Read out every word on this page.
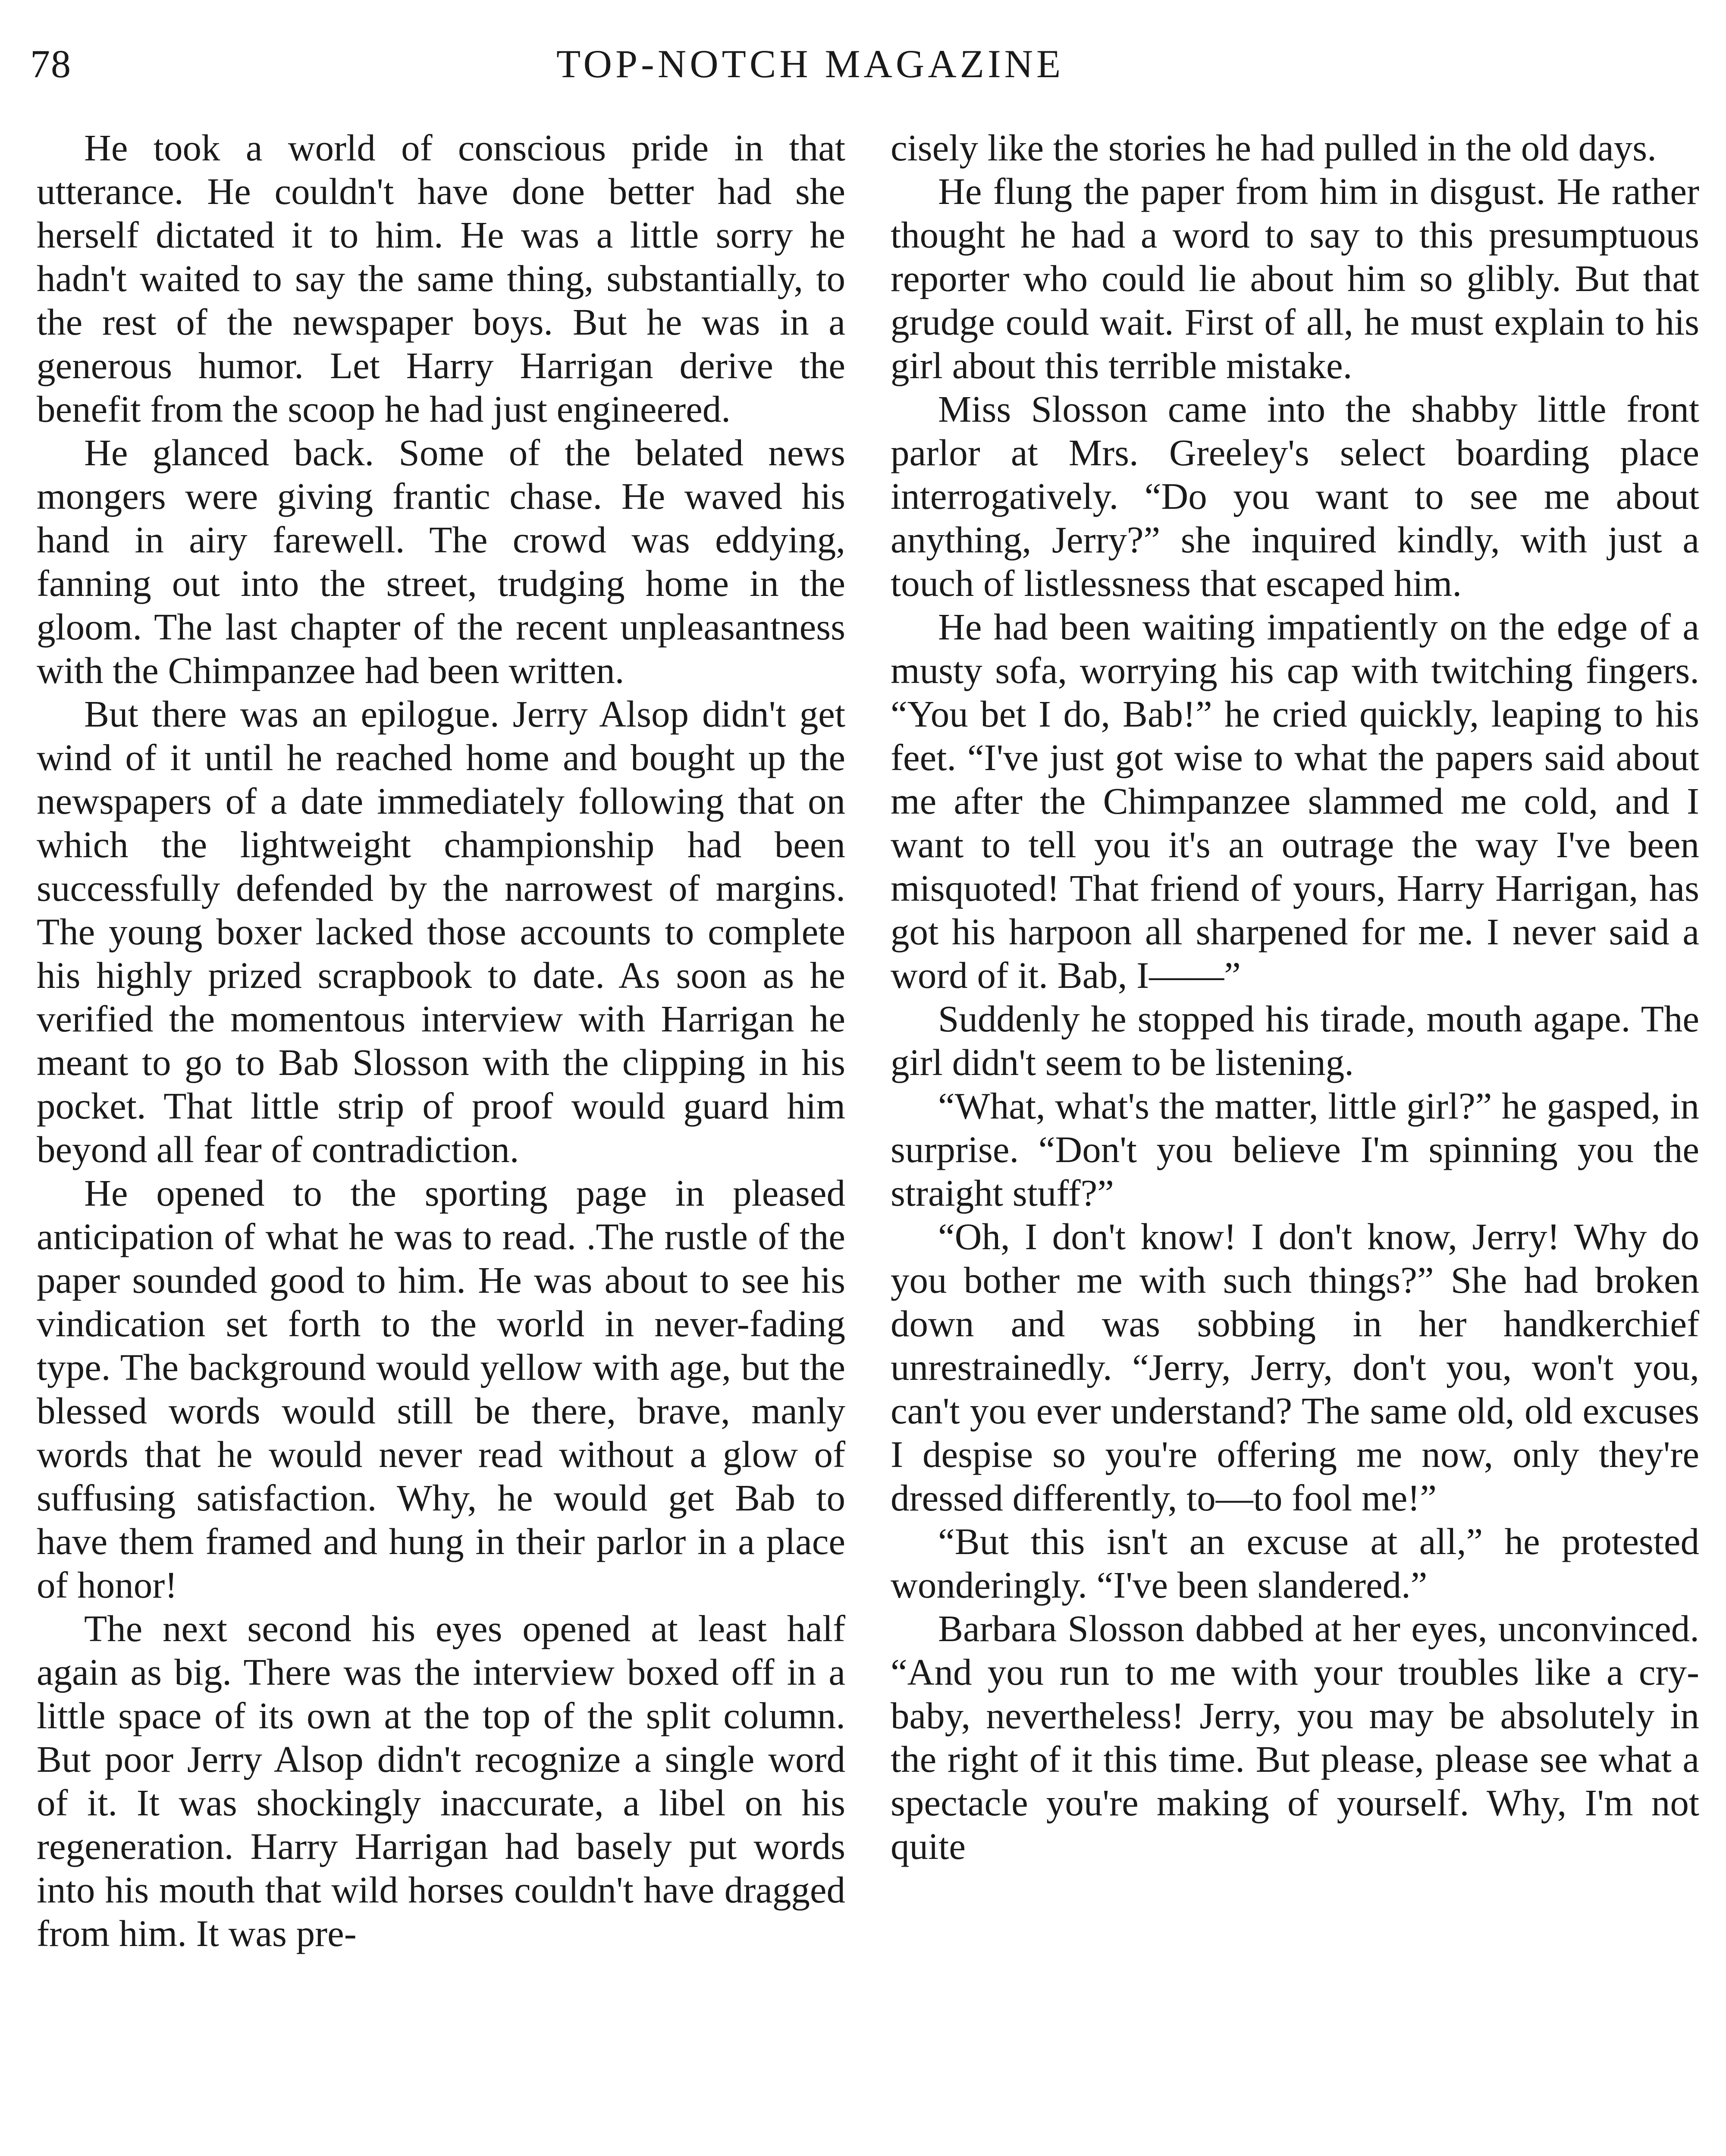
78	TOP-NOTCH MAGAZINE

He took a world of conscious pride in that utterance. He couldn't have done better had she herself dictated it to him. He was a little sorry he hadn't waited to say the same thing, substantially, to the rest of the newspaper boys. But he was in a generous humor. Let Harry Harrigan derive the benefit from the scoop he had just engineered.

He glanced back. Some of the belated news mongers were giving frantic chase. He waved his hand in airy farewell. The crowd was eddying, fanning out into the street, trudging home in the gloom. The last chapter of the recent unpleasantness with the Chimpanzee had been written.

But there was an epilogue. Jerry Alsop didn't get wind of it until he reached home and bought up the newspapers of a date immediately following that on which the lightweight championship had been successfully defended by the narrowest of margins. The young boxer lacked those accounts to complete his highly prized scrapbook to date. As soon as he verified the momentous interview with Harrigan he meant to go to Bab Slosson with the clipping in his pocket. That little strip of proof would guard him beyond all fear of contradiction.

He opened to the sporting page in pleased anticipation of what he was to read. .The rustle of the paper sounded good to him. He was about to see his vindication set forth to the world in never-fading type. The background would yellow with age, but the blessed words would still be there, brave, manly words that he would never read without a glow of suffusing satisfaction. Why, he would get Bab to have them framed and hung in their parlor in a place of honor!

The next second his eyes opened at least half again as big. There was the interview boxed off in a little space of its own at the top of the split column. But poor Jerry Alsop didn't recognize a single word of it. It was shockingly inaccurate, a libel on his regeneration. Harry Harrigan had basely put words into his mouth that wild horses couldn't have dragged from him. It was pre-

cisely like the stories he had pulled in the old days.

He flung the paper from him in disgust. He rather thought he had a word to say to this presumptuous reporter who could lie about him so glibly. But that grudge could wait. First of all, he must explain to his girl about this terrible mistake.

Miss Slosson came into the shabby little front parlor at Mrs. Greeley's select boarding place interrogatively. “Do you want to see me about anything, Jerry?” she inquired kindly, with just a touch of listlessness that escaped him.

He had been waiting impatiently on the edge of a musty sofa, worrying his cap with twitching fingers. “You bet I do, Bab!” he cried quickly, leaping to his feet. “I've just got wise to what the papers said about me after the Chimpanzee slammed me cold, and I want to tell you it's an outrage the way I've been misquoted! That friend of yours, Harry Harrigan, has got his harpoon all sharpened for me. I never said a word of it. Bab, I——”

Suddenly he stopped his tirade, mouth agape. The girl didn't seem to be listening.

“What, what's the matter, little girl?” he gasped, in surprise. “Don't you believe I'm spinning you the straight stuff?”

“Oh, I don't know! I don't know, Jerry! Why do you bother me with such things?” She had broken down and was sobbing in her handkerchief unrestrainedly. “Jerry, Jerry, don't you, won't you, can't you ever understand? The same old, old excuses I despise so you're offering me now, only they're dressed differently, to—to fool me!”

“But this isn't an excuse at all,” he protested wonderingly. “I've been slandered.”

Barbara Slosson dabbed at her eyes, unconvinced. “And you run to me with your troubles like a cry-baby, nevertheless! Jerry, you may be absolutely in the right of it this time. But please, please see what a spectacle you're making of yourself. Why, I'm not quite
